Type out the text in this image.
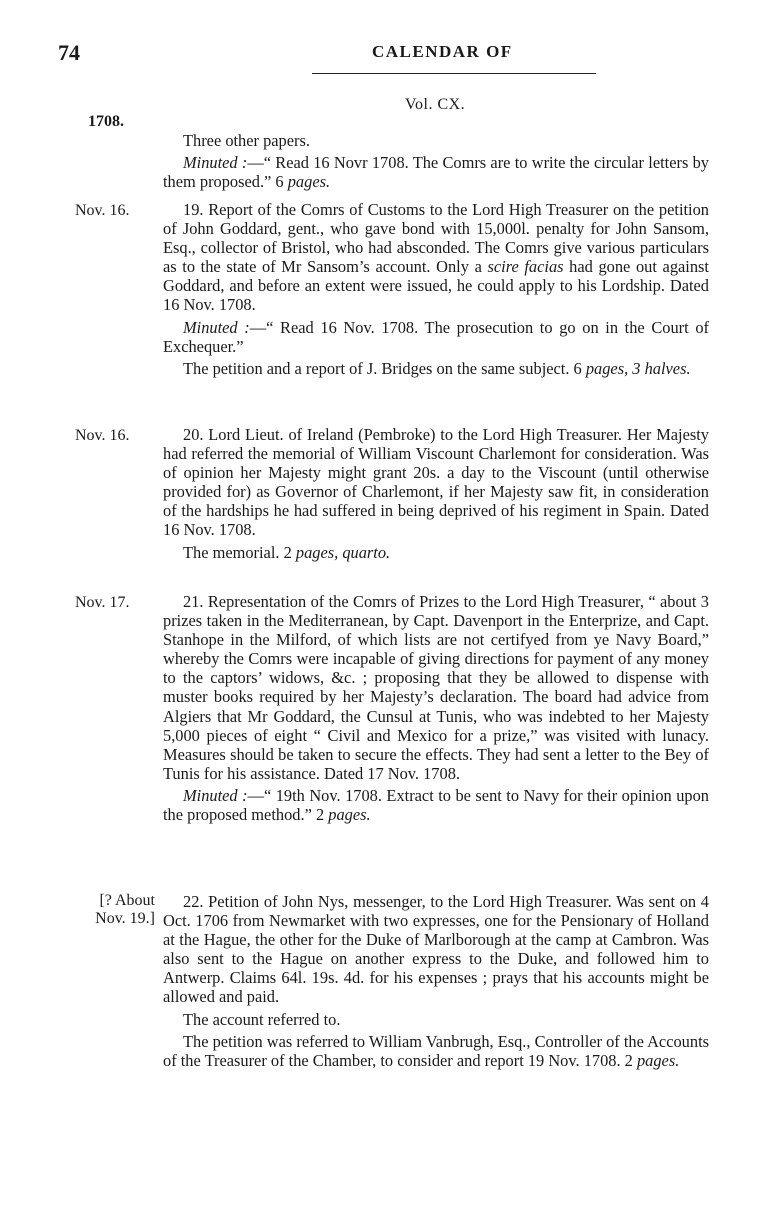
74	CALENDAR OF
Vol. CX.
1708.

Three other papers.

Minuted :—“ Read 16 Novr 1708. The Comrs are to write the circular letters by them proposed.” 6 pages.

Nov. 16.	19. Report of the Comrs of Customs to the Lord High Treasurer on the petition of John Goddard, gent., who gave bond with 15,000l. penalty for John Sansom, Esq., collector of Bristol, who had absconded. The Comrs give various particulars as to the state of Mr Sansom’s account. Only a scire facias had gone out against Goddard, and before an extent were issued, he could apply to his Lordship. Dated 16 Nov. 1708.

Minuted :—“ Read 16 Nov. 1708. The prosecution to go on in the Court of Exchequer.”

The petition and a report of J. Bridges on the same subject. 6 pages, 3 halves.

Nov. 16.	20. Lord Lieut. of Ireland (Pembroke) to the Lord High Treasurer. Her Majesty had referred the memorial of William Viscount Charlemont for consideration. Was of opinion her Majesty might grant 20s. a day to the Viscount (until otherwise provided for) as Governor of Charlemont, if her Majesty saw fit, in consideration of the hardships he had suffered in being deprived of his regiment in Spain. Dated 16 Nov. 1708.

The memorial. 2 pages, quarto.

Nov. 17.	21. Representation of the Comrs of Prizes to the Lord High Treasurer, “ about 3 prizes taken in the Mediterranean, by Capt. Davenport in the Enterprize, and Capt. Stanhope in the Milford, of which lists are not certifyed from ye Navy Board,” whereby the Comrs were incapable of giving directions for payment of any money to the captors’ widows, &c. ; proposing that they be allowed to dispense with muster books required by her Majesty’s declaration. The board had advice from Algiers that Mr Goddard, the Cunsul at Tunis, who was indebted to her Majesty 5,000 pieces of eight “ Civil and Mexico for a prize,” was visited with lunacy. Measures should be taken to secure the effects. They had sent a letter to the Bey of Tunis for his assistance. Dated 17 Nov. 1708.

Minuted :—“ 19th Nov. 1708. Extract to be sent to Navy for their opinion upon the proposed method.” 2 pages.

[? About Nov. 19.]

22. Petition of John Nys, messenger, to the Lord High Treasurer. Was sent on 4 Oct. 1706 from Newmarket with two expresses, one for the Pensionary of Holland at the Hague, the other for the Duke of Marlborough at the camp at Cambron. Was also sent to the Hague on another express to the Duke, and followed him to Antwerp. Claims 64l. 19s. 4d. for his expenses ; prays that his accounts might be allowed and paid.

The account referred to.

The petition was referred to William Vanbrugh, Esq., Controller of the Accounts of the Treasurer of the Chamber, to consider and report 19 Nov. 1708. 2 pages.
